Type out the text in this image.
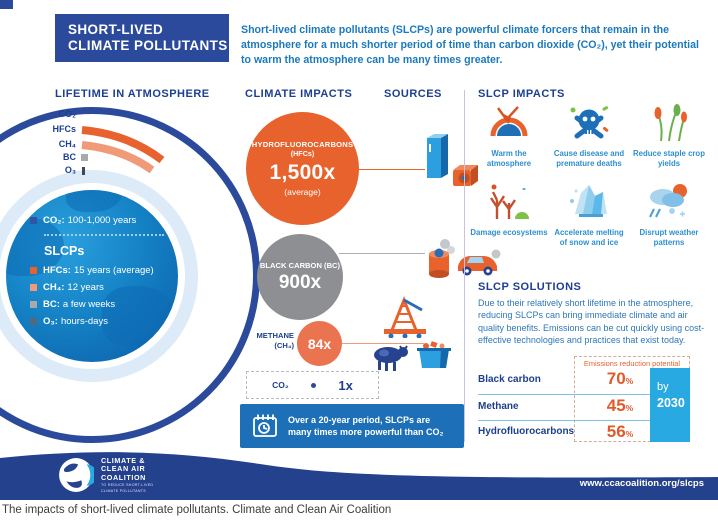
SHORT-LIVED
CLIMATE POLLUTANTS

Short-lived climate pollutants (SLCPs) are powerful climate forcers that remain in the atmosphere for a much shorter period of time than carbon dioxide (CO₂), yet their potential to warm the atmosphere can be many times greater.

LIFETIME IN ATMOSPHERE
CO₂
HFCs
CH₄
BC
O₃
CO₂: 100-1,000 years
SLCPs
HFCs: 15 years (average)
CH₄: 12 years
BC: a few weeks
O₃: hours-days
CLIMATE IMPACTS	SOURCES
HYDROFLUOROCARBONS
(HFCs)
1,500x
(average)
BLACK CARBON (BC)
900x
METHANE
(CH₄) 84x
CO₂	1x
Over a 20-year period, SLCPs are
many times more powerful than CO₂
SLCP IMPACTS
Warm the atmosphere
Cause disease and premature deaths
Reduce staple crop yields
Damage ecosystems Accelerate melting of snow and ice
Disrupt weather patterns
SLCP SOLUTIONS

Due to their relatively short lifetime in the atmosphere, reducing SLCPs can bring immediate climate and air quality benefits. Emissions can be cut quickly using cost-effective technologies and practices that exist today.

Emissions reduction potential
Black carbon	70%
Methane	45%
Hydrofluorocarbons	56%
by
2030
CLIMATE &
CLEAN AIR
COALITION
TO REDUCE SHORT-LIVED
CLIMATE POLLUTANTS
www.ccacoalition.org/slcps
The impacts of short-lived climate pollutants. Climate and Clean Air Coalition
